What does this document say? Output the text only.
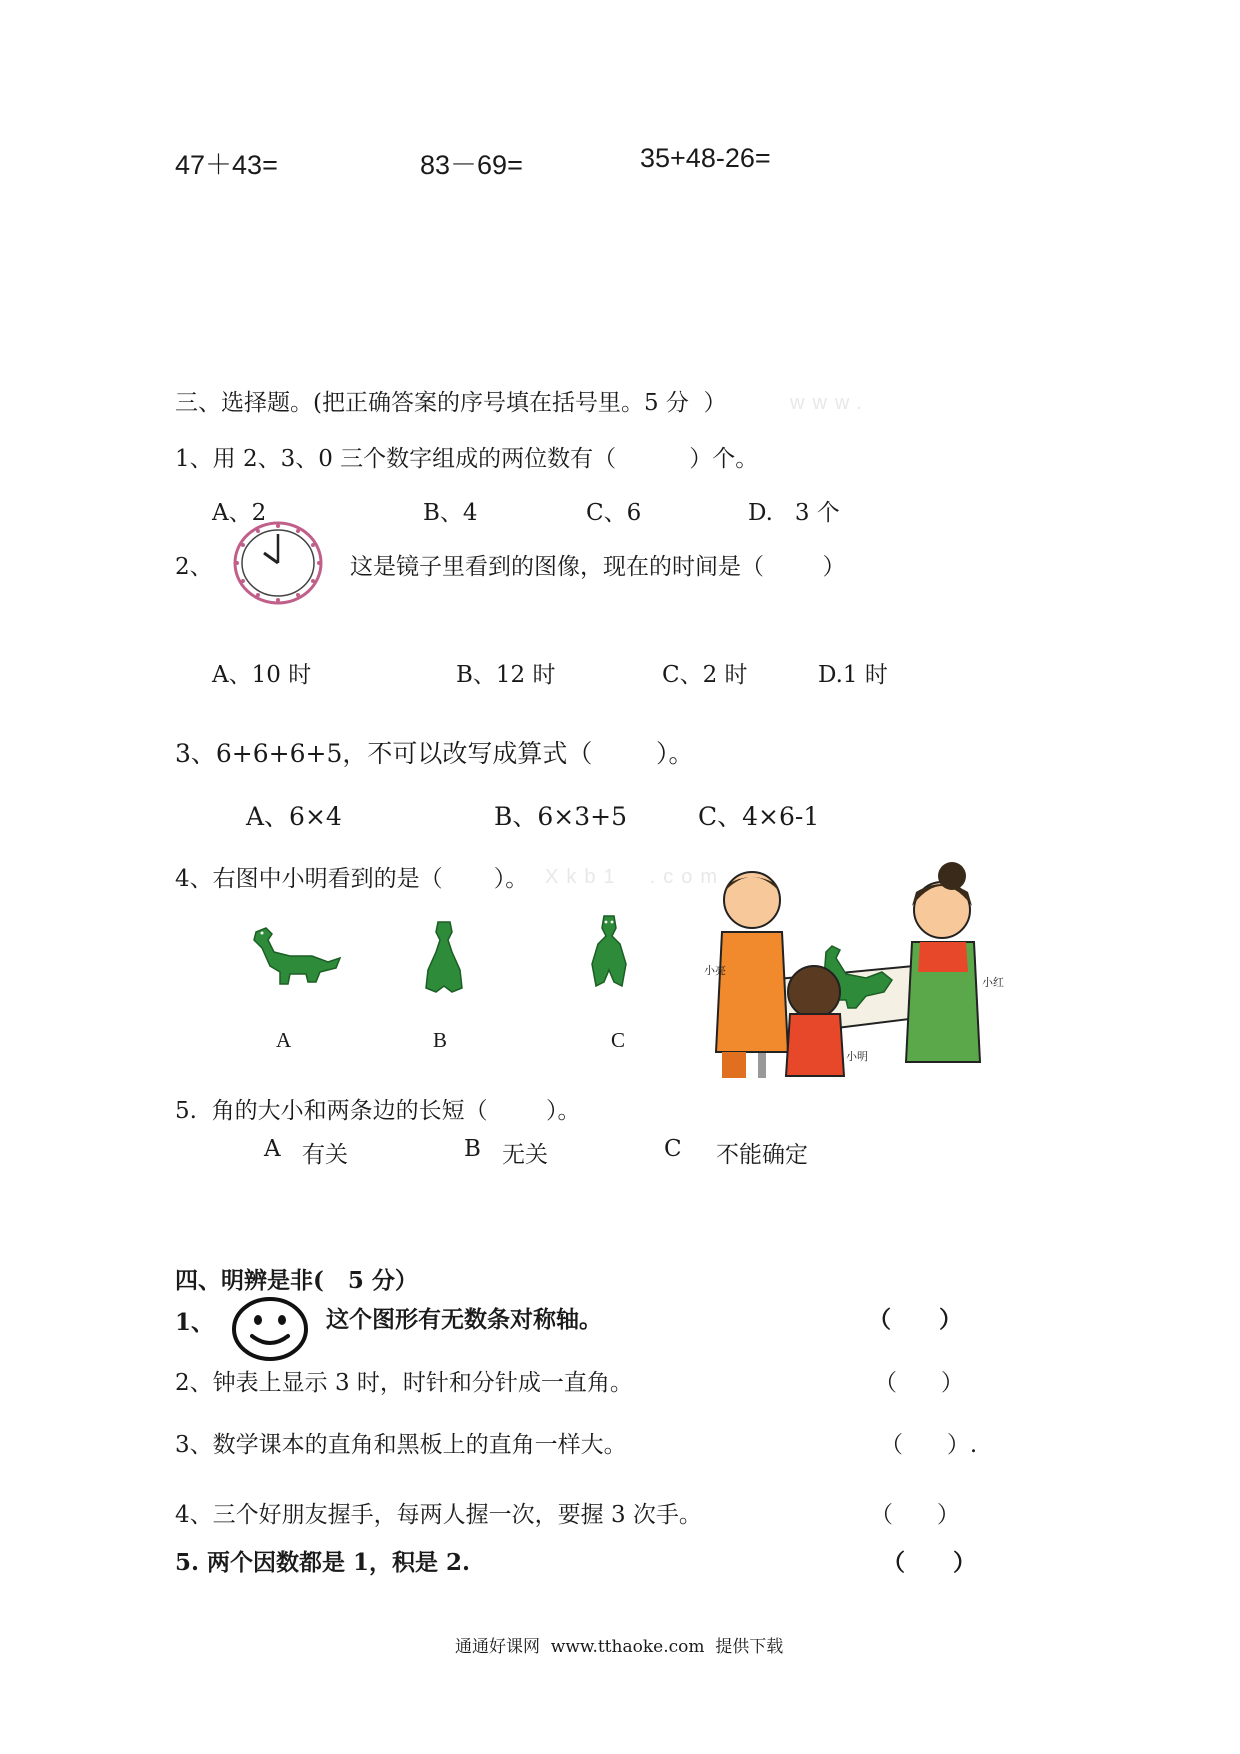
47＋43=	83－69=	35+48-26=
三、选择题。(把正确答案的序号填在括号里。5 分  ）	www.
1、用 2、3、0 三个数字组成的两位数有（          ）个。
A、2	B、4	C、6	D.   3 个
2、	这是镜子里看到的图像，现在的时间是（        ）
A、10 时	B、12 时	C、2 时	D.1 时
3、6+6+6+5，不可以改写成算式（        ）。
A、6×4	B、6×3+5	C、4×6-1
4、右图中小明看到的是（       ）。 Xkb1  .com
A	B	C
小亮
小红
小明
5.  角的大小和两条边的长短（        ）。
A 有关	B 无关	C 不能确定
四、明辨是非(   5 分）
1、	这个图形有无数条对称轴。	（      ）
2、钟表上显示 3 时，时针和分针成一直角。	（      ）
3、数学课本的直角和黑板上的直角一样大。	（      ）.
4、三个好朋友握手，每两人握一次，要握 3 次手。	（      ）
5. 两个因数都是 1，积是 2.	（      ）
通通好课网  www.tthaoke.com  提供下载
